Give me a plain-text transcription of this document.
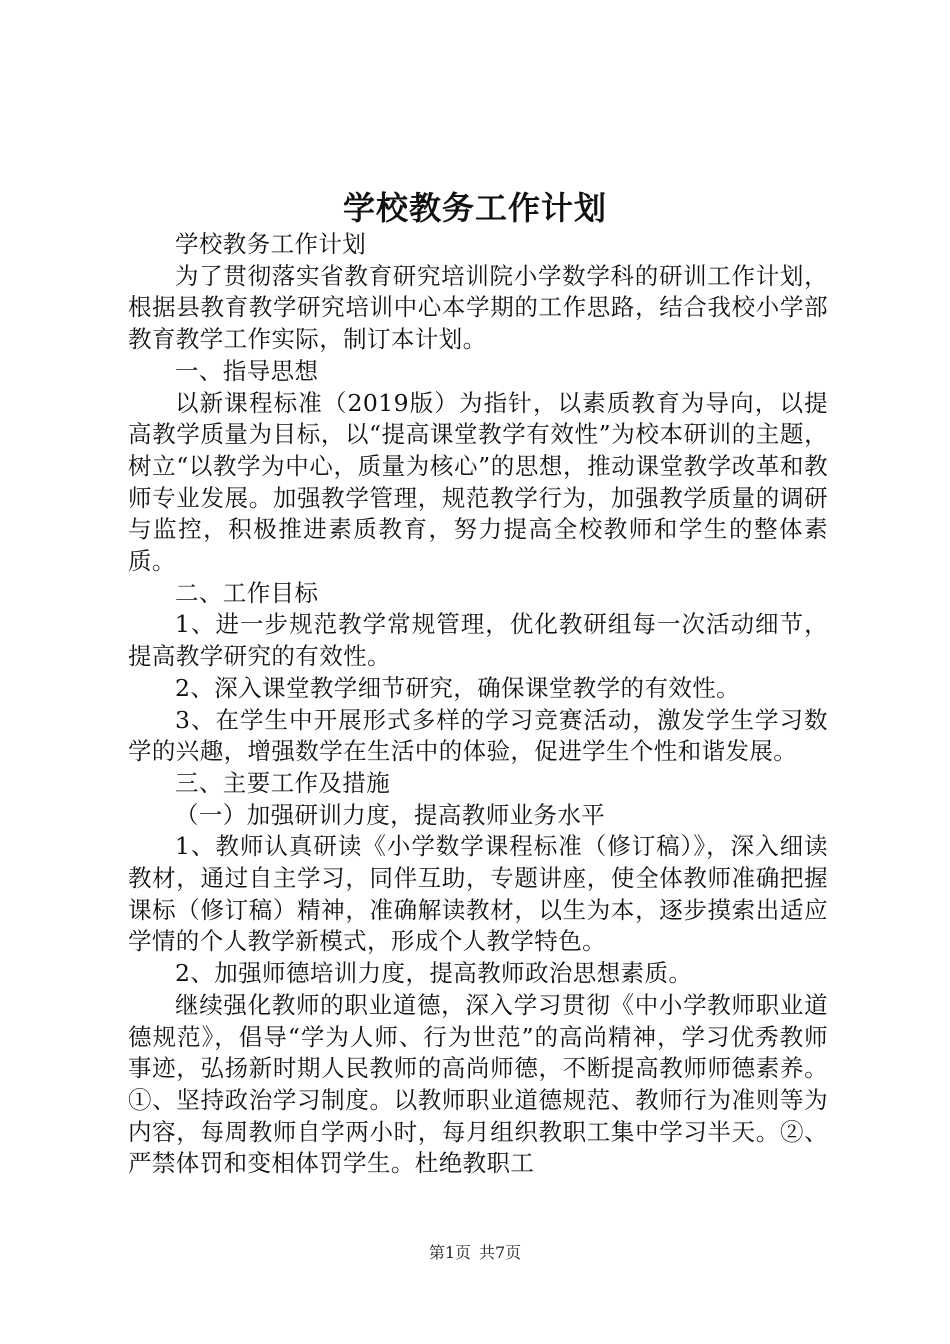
学校教务工作计划

学校教务工作计划

为了贯彻落实省教育研究培训院小学数学科的研训工作计划，根据县教育教学研究培训中心本学期的工作思路，结合我校小学部教育教学工作实际，制订本计划。

一、指导思想

以新课程标准（2019版）为指针，以素质教育为导向，以提高教学质量为目标，以“提高课堂教学有效性”为校本研训的主题，树立“以教学为中心，质量为核心”的思想，推动课堂教学改革和教师专业发展。加强教学管理，规范教学行为，加强教学质量的调研与监控，积极推进素质教育，努力提高全校教师和学生的整体素质。

二、工作目标

1、进一步规范教学常规管理，优化教研组每一次活动细节，提高教学研究的有效性。

2、深入课堂教学细节研究，确保课堂教学的有效性。

3、在学生中开展形式多样的学习竞赛活动，激发学生学习数学的兴趣，增强数学在生活中的体验，促进学生个性和谐发展。

三、主要工作及措施

（一）加强研训力度，提高教师业务水平

1、教师认真研读《小学数学课程标准（修订稿）》，深入细读教材，通过自主学习，同伴互助，专题讲座，使全体教师准确把握课标（修订稿）精神，准确解读教材，以生为本，逐步摸索出适应学情的个人教学新模式，形成个人教学特色。

2、加强师德培训力度，提高教师政治思想素质。

继续强化教师的职业道德，深入学习贯彻《中小学教师职业道德规范》，倡导“学为人师、行为世范”的高尚精神，学习优秀教师事迹，弘扬新时期人民教师的高尚师德，不断提高教师师德素养。①、坚持政治学习制度。以教师职业道德规范、教师行为准则等为内容，每周教师自学两小时，每月组织教职工集中学习半天。②、严禁体罚和变相体罚学生。杜绝教职工

第1页 共7页
